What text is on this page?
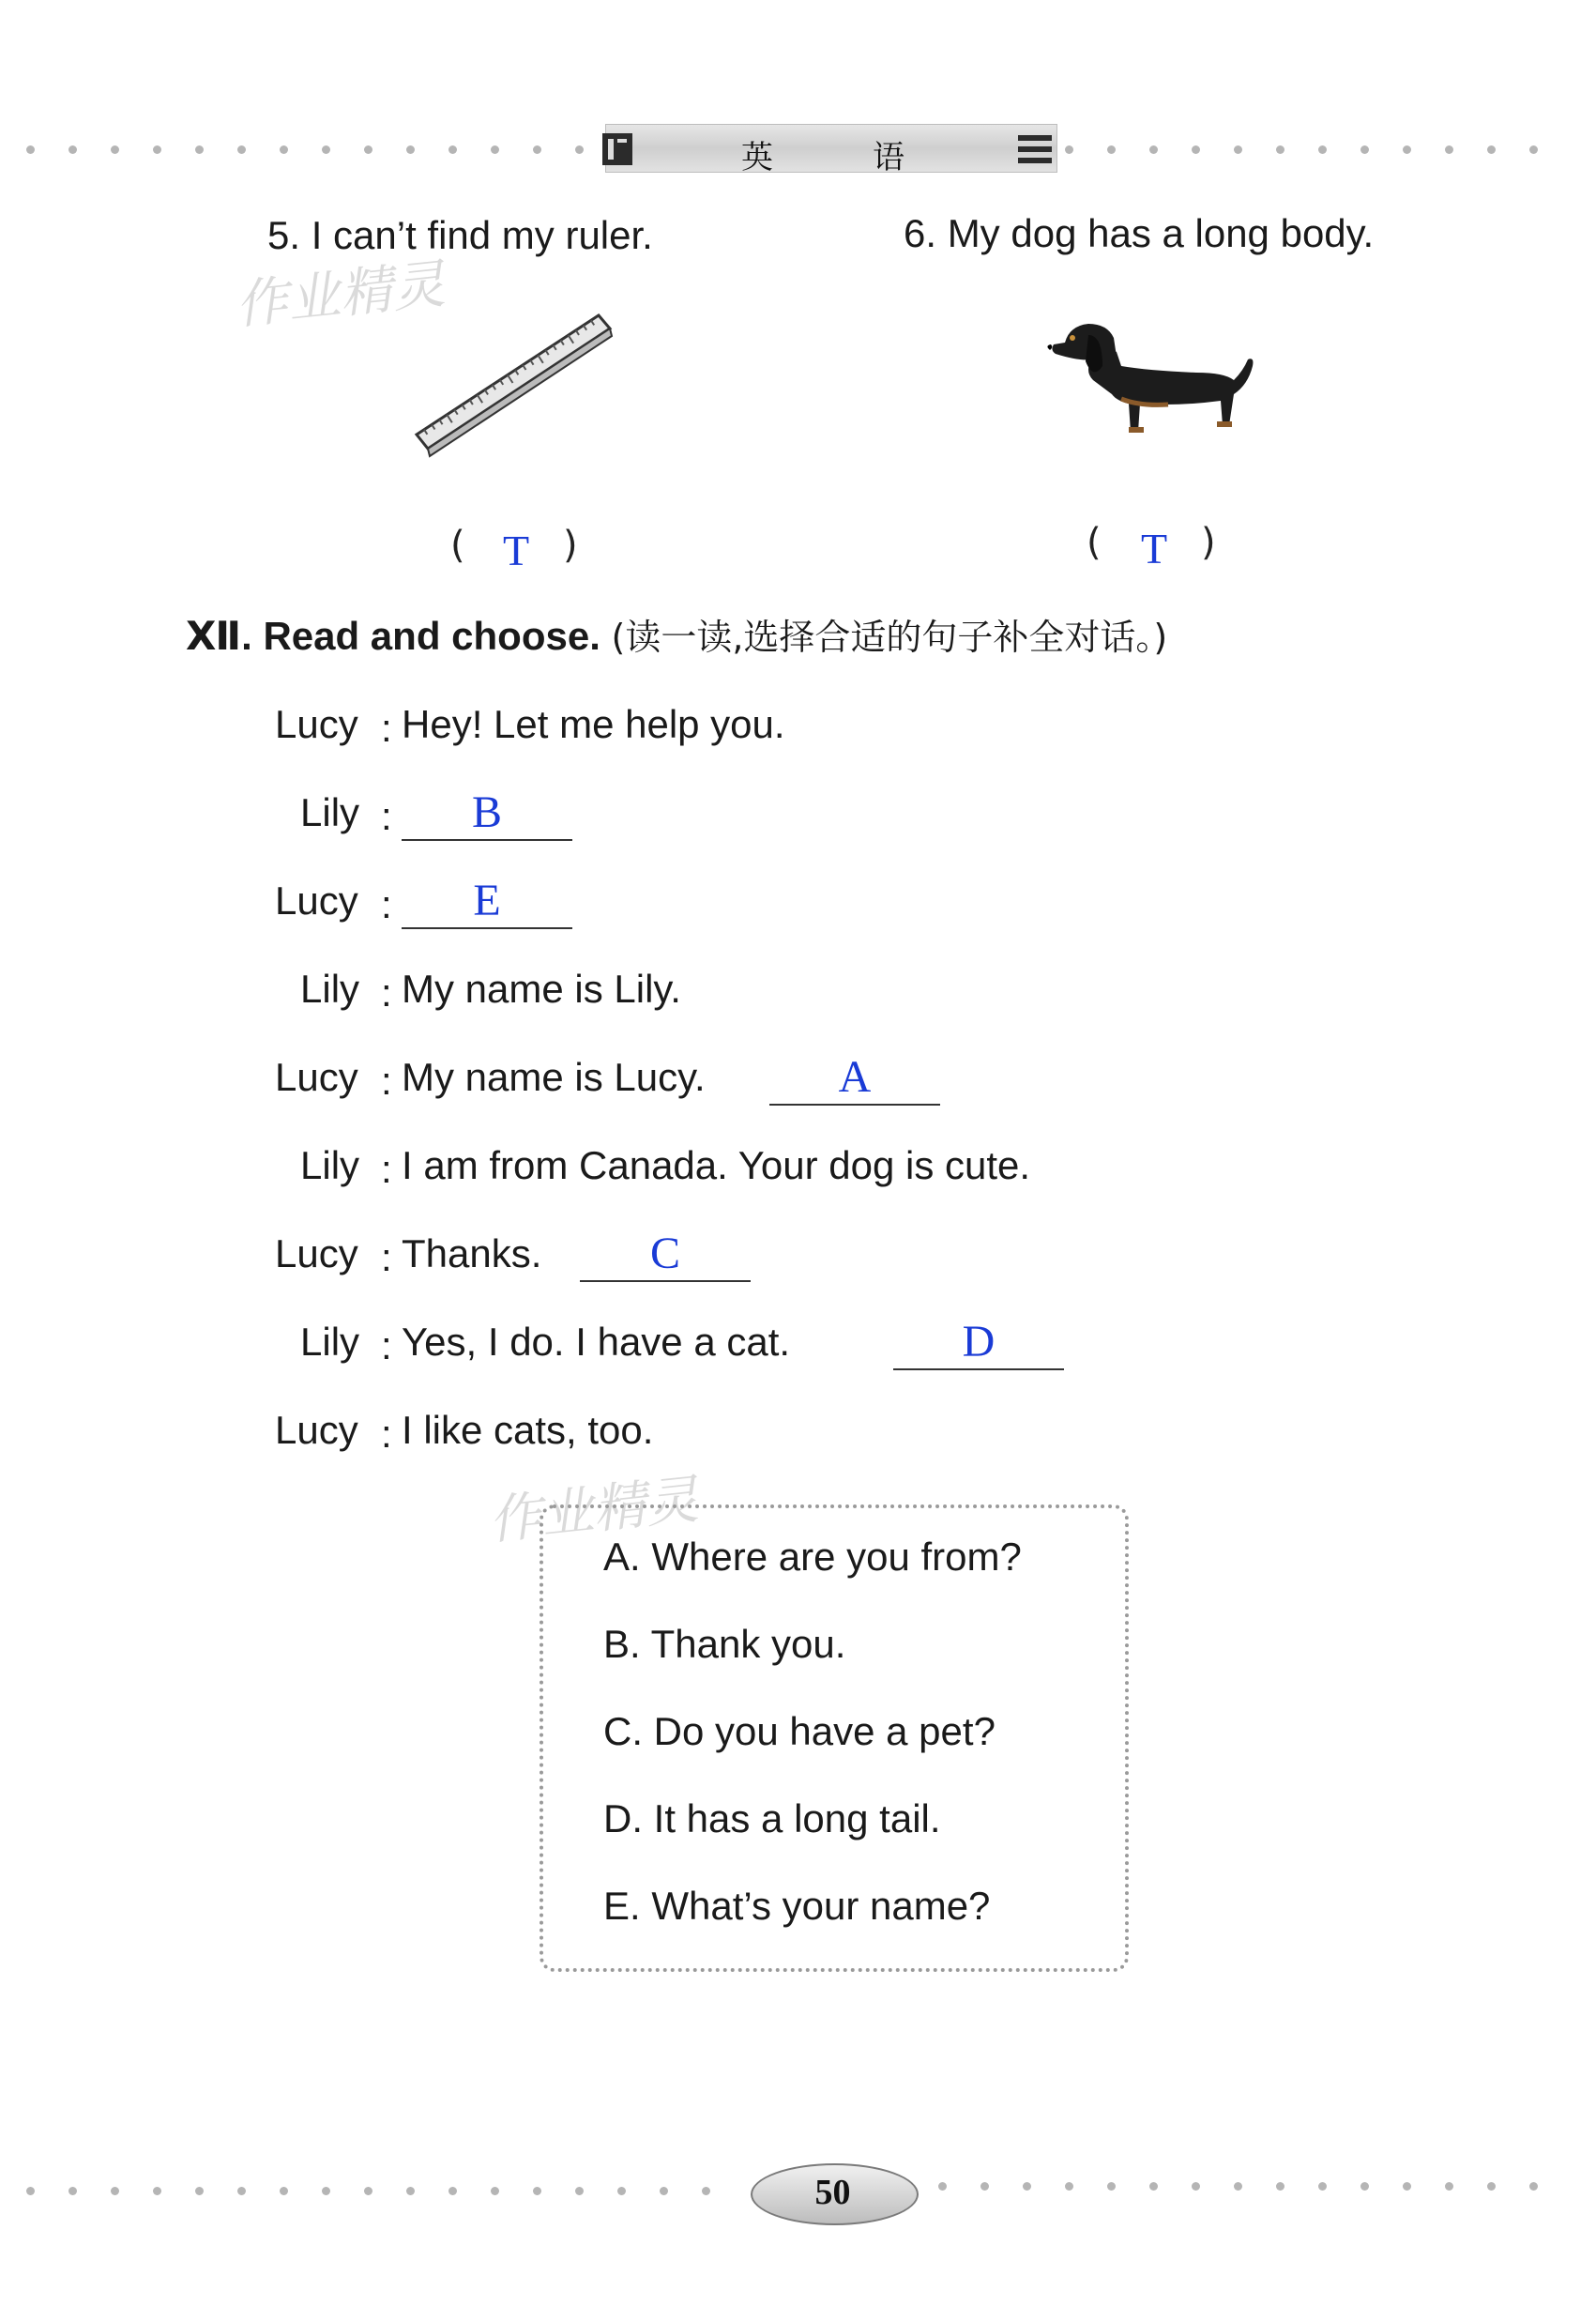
英	语
5. I can’t find my ruler.
作业精灵
( T )
6. My dog has a long body.
( T )
Ⅻ. Read and choose. (读一读,选择合适的句子补全对话。)
Lucy : Hey! Let me help you.
Lily :	B
Lucy :	E
Lily : My name is Lily.
Lucy : My name is Lucy.	A
Lily : I am from Canada. Your dog is cute.
Lucy : Thanks.	C
Lily : Yes, I do. I have a cat.	D
Lucy : I like cats, too.
作业精灵
A. Where are you from?
B. Thank you.
C. Do you have a pet?
D. It has a long tail.
E. What’s your name?
50
